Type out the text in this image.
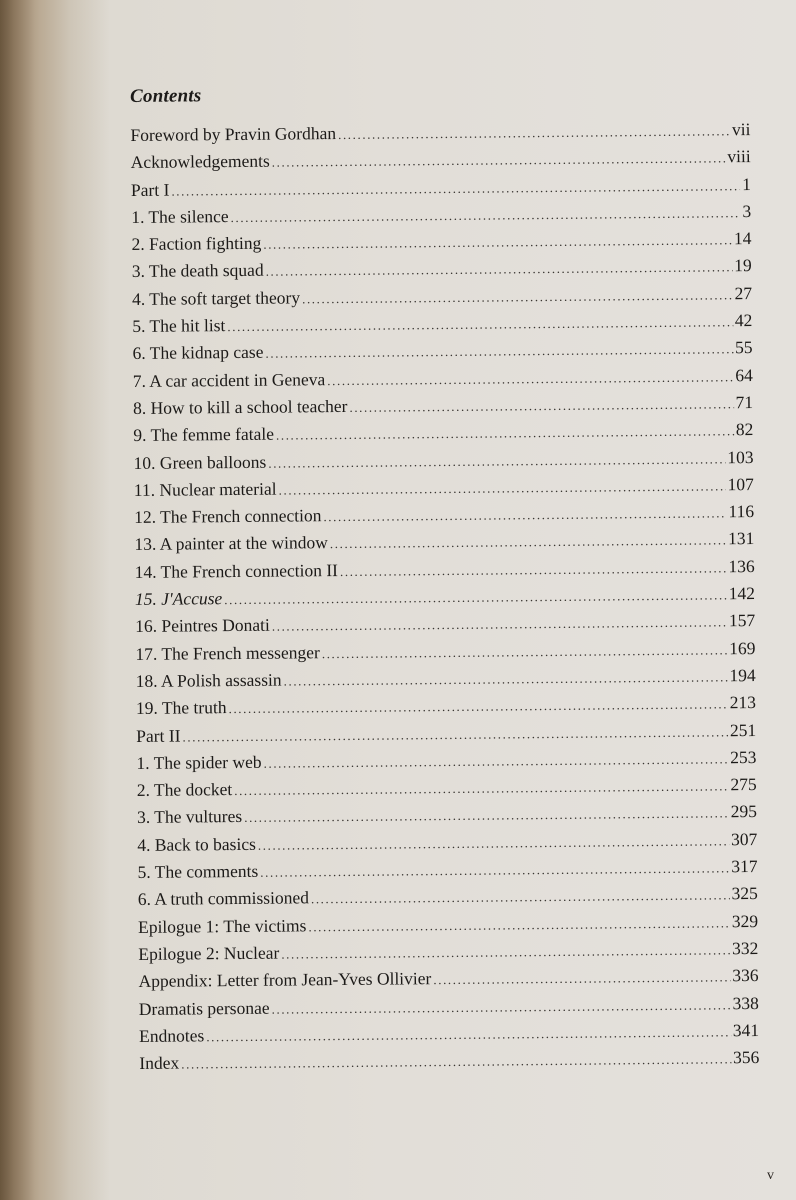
Contents
Foreword by Pravin Gordhan .....	vii
Acknowledgements .....	viii
Part I .....	1
1. The silence .....	3
2. Faction fighting .....	14
3. The death squad .....	19
4. The soft target theory .....	27
5. The hit list .....	42
6. The kidnap case .....	55
7. A car accident in Geneva .....	64
8. How to kill a school teacher .....	71
9. The femme fatale .....	82
10. Green balloons .....	103
11. Nuclear material .....	107
12. The French connection .....	116
13. A painter at the window .....	131
14. The French connection II .....	136
15. J'Accuse .....	142
16. Peintres Donati .....	157
17. The French messenger .....	169
18. A Polish assassin .....	194
19. The truth .....	213
Part II .....	251
1. The spider web .....	253
2. The docket .....	275
3. The vultures .....	295
4. Back to basics .....	307
5. The comments .....	317
6. A truth commissioned .....	325
Epilogue 1: The victims .....	329
Epilogue 2: Nuclear .....	332
Appendix: Letter from Jean-Yves Ollivier .....	336
Dramatis personae .....	338
Endnotes .....	341
Index .....	356
v
